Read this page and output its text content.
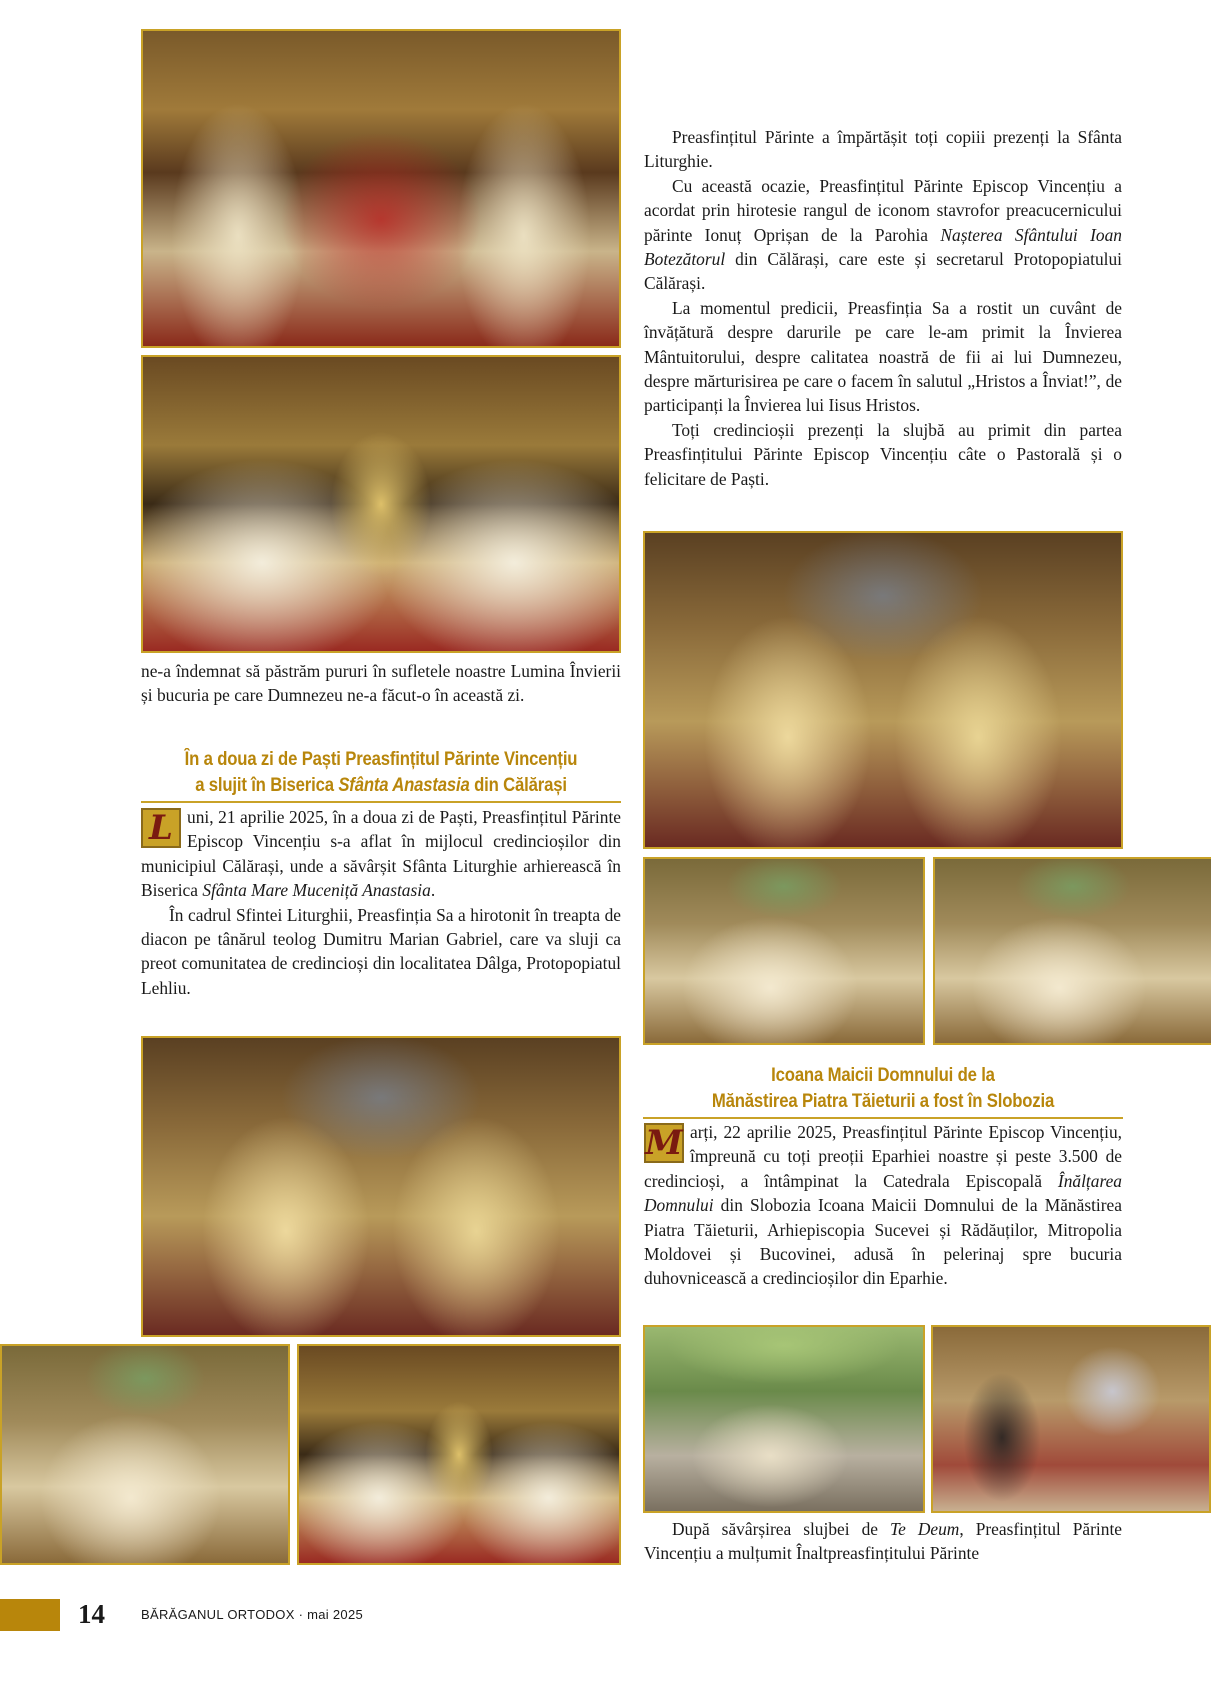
Preasfințitul Părinte a împărtășit toți copiii prezenți la Sfânta Liturghie.

Cu această ocazie, Preasfințitul Părinte Episcop Vincențiu a acordat prin hirotesie rangul de iconom stavrofor preacucernicului părinte Ionuț Oprișan de la Parohia Nașterea Sfântului Ioan Botezătorul din Călărași, care este și secretarul Protopopiatului Călărași.

La momentul predicii, Preasfinția Sa a rostit un cuvânt de învățătură despre darurile pe care le-am primit la Învierea Mântuitorului, despre calitatea noastră de fii ai lui Dumnezeu, despre mărturisirea pe care o facem în salutul „Hristos a Înviat!”, de participanți la Învierea lui Iisus Hristos.

Toți credincioșii prezenți la slujbă au primit din partea Preasfințitului Părinte Episcop Vincențiu câte o Pastorală și o felicitare de Paști.

ne-a îndemnat să păstrăm pururi în sufletele noastre Lumina Învierii și bucuria pe care Dumnezeu ne-a făcut-o în această zi.

În a doua zi de Paști Preasfințitul Părinte Vincențiu
a slujit în Biserica Sfânta Anastasia din Călărași

L uni, 21 aprilie 2025, în a doua zi de Paști, Preasfințitul Părinte Episcop Vincențiu s-a aflat în mijlocul credincioșilor din municipiul Călărași, unde a săvârșit Sfânta Liturghie arhierească în Biserica Sfânta Mare Muceniță Anastasia.

În cadrul Sfintei Liturghii, Preasfinția Sa a hirotonit în treapta de diacon pe tânărul teolog Dumitru Marian Gabriel, care va sluji ca preot comunitatea de credincioși din localitatea Dâlga, Protopopiatul Lehliu.

Icoana Maicii Domnului de la
Mănăstirea Piatra Tăieturii a fost în Slobozia

M arți, 22 aprilie 2025, Preasfințitul Părinte Episcop Vincențiu, împreună cu toți preoții Eparhiei noastre și peste 3.500 de credincioși, a întâmpinat la Catedrala Episcopală Înălțarea Domnului din Slobozia Icoana Maicii Domnului de la Mănăstirea Piatra Tăieturii, Arhiepiscopia Sucevei și Rădăuților, Mitropolia Moldovei și Bucovinei, adusă în pelerinaj spre bucuria duhovnicească a credincioșilor din Eparhie.

După săvârșirea slujbei de Te Deum, Preasfințitul Părinte Vincențiu a mulțumit Înaltpreasfințitului Părinte

14	BĂRĂGANUL ORTODOX · mai 2025
